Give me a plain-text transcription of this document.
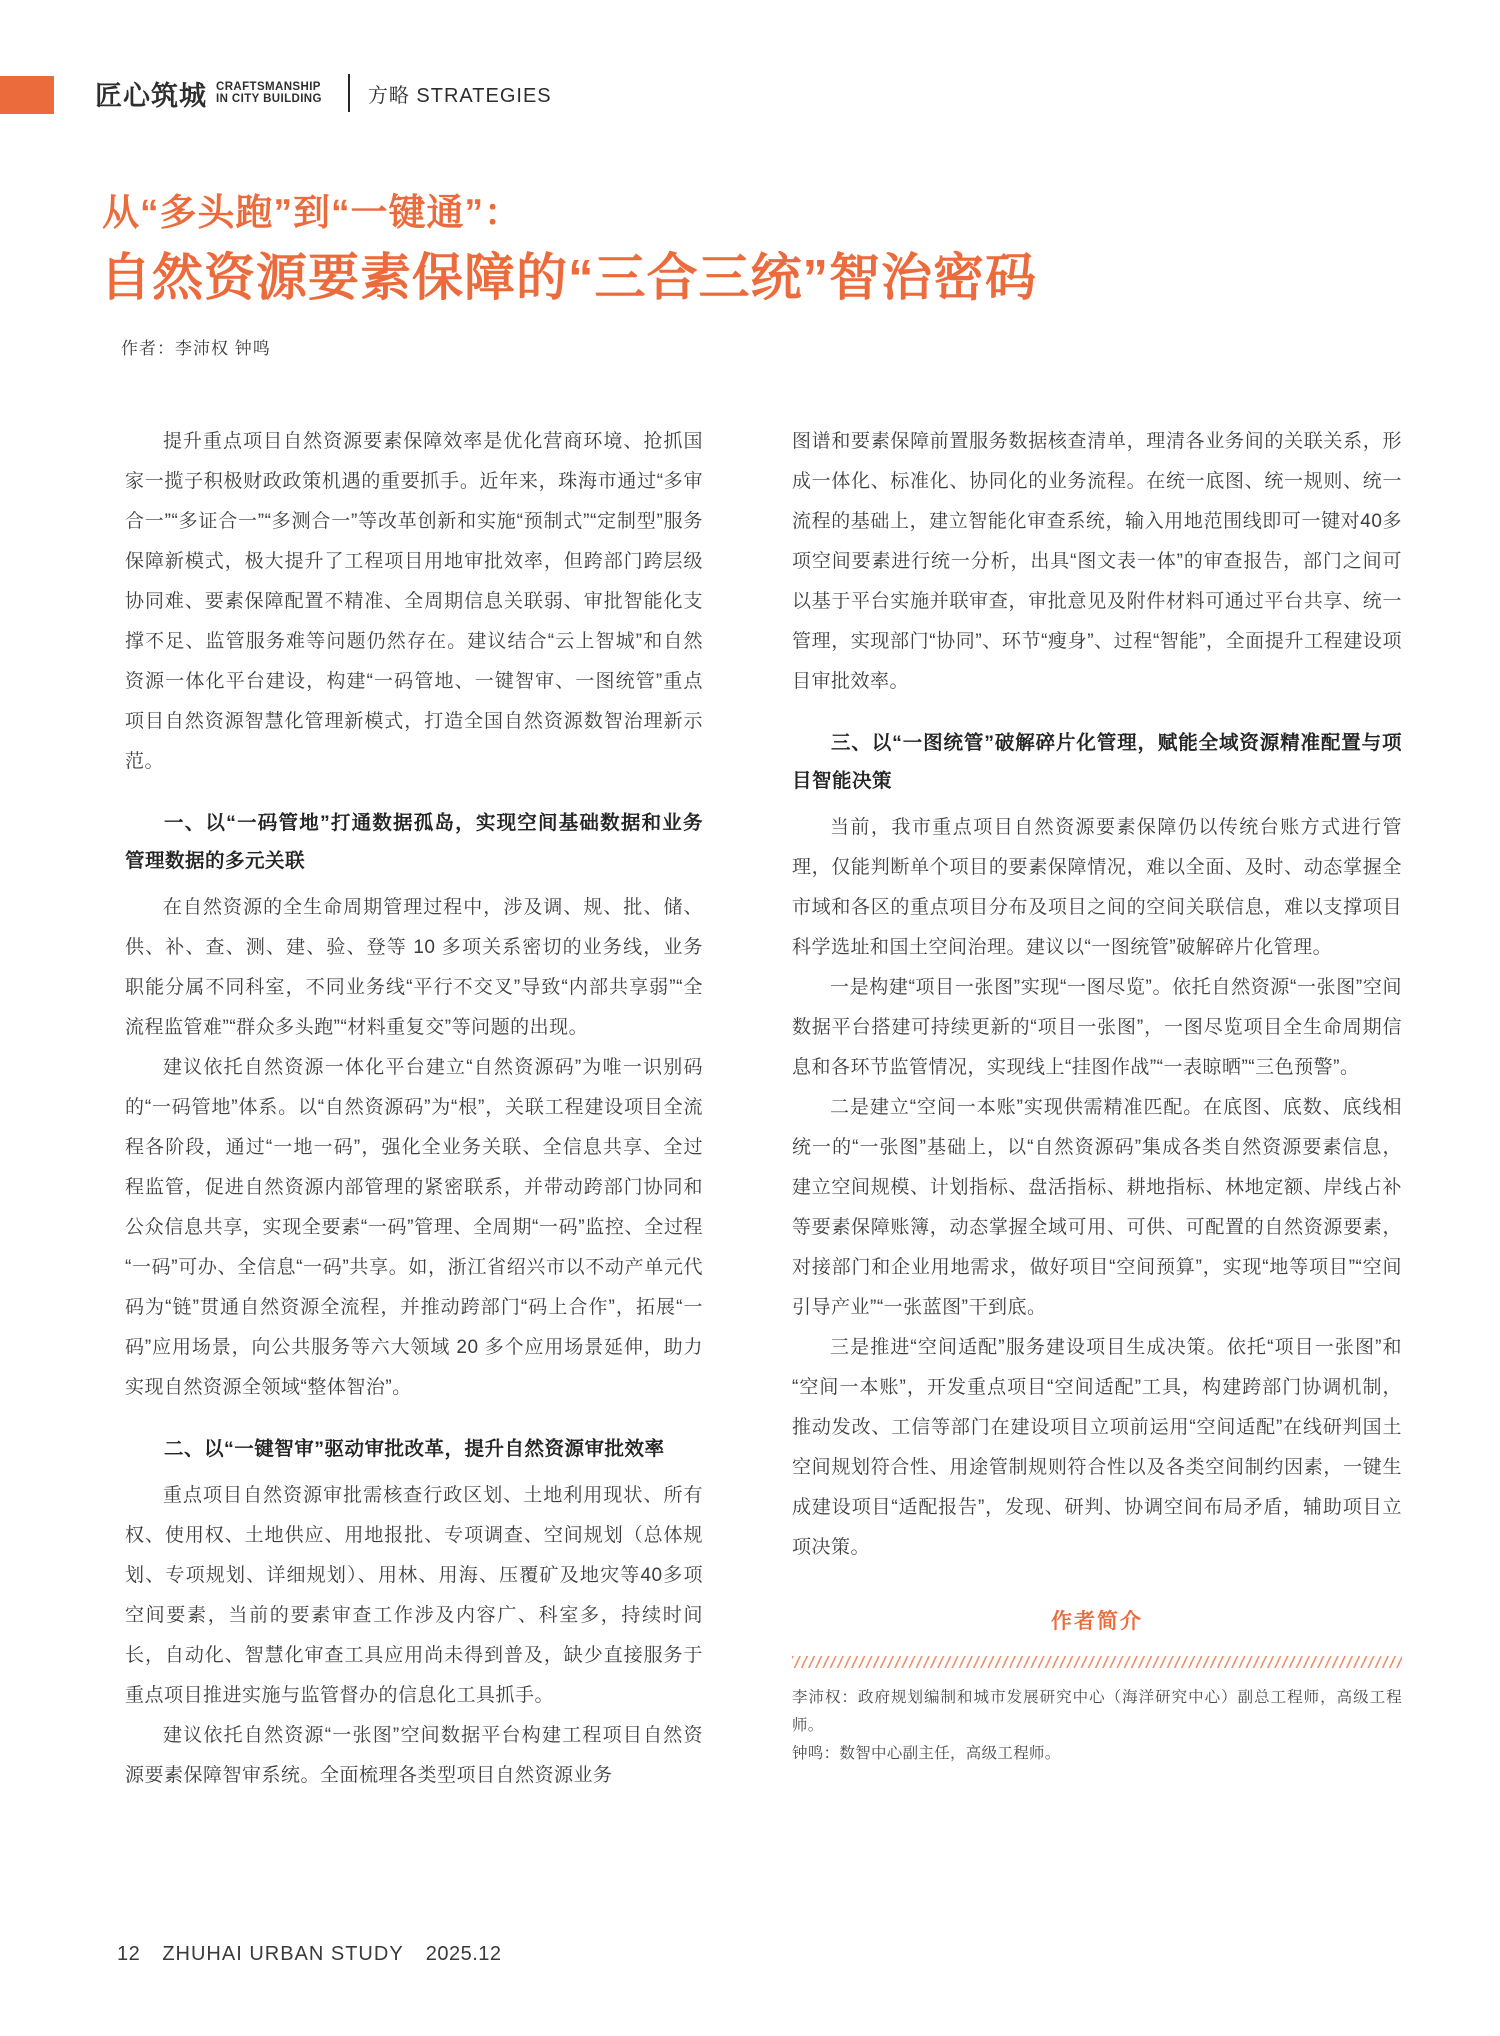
匠心筑城 CRAFTSMANSHIP
IN CITY BUILDING 方略 STRATEGIES
从“多头跑”到“一键通”：
自然资源要素保障的“三合三统”智治密码
作者：李沛权 钟鸣

提升重点项目自然资源要素保障效率是优化营商环境、抢抓国家一揽子积极财政政策机遇的重要抓手。近年来，珠海市通过“多审合一”“多证合一”“多测合一”等改革创新和实施“预制式”“定制型”服务保障新模式，极大提升了工程项目用地审批效率，但跨部门跨层级协同难、要素保障配置不精准、全周期信息关联弱、审批智能化支撑不足、监管服务难等问题仍然存在。建议结合“云上智城”和自然资源一体化平台建设，构建“一码管地、一键智审、一图统管”重点项目自然资源智慧化管理新模式，打造全国自然资源数智治理新示范。

一、以“一码管地”打通数据孤岛，实现空间基础数据和业务管理数据的多元关联

在自然资源的全生命周期管理过程中，涉及调、规、批、储、供、补、查、测、建、验、登等 10 多项关系密切的业务线，业务职能分属不同科室，不同业务线“平行不交叉”导致“内部共享弱”“全流程监管难”“群众多头跑”“材料重复交”等问题的出现。

建议依托自然资源一体化平台建立“自然资源码”为唯一识别码的“一码管地”体系。以“自然资源码”为“根”，关联工程建设项目全流程各阶段，通过“一地一码”，强化全业务关联、全信息共享、全过程监管，促进自然资源内部管理的紧密联系，并带动跨部门协同和公众信息共享，实现全要素“一码”管理、全周期“一码”监控、全过程“一码”可办、全信息“一码”共享。如，浙江省绍兴市以不动产单元代码为“链”贯通自然资源全流程，并推动跨部门“码上合作”，拓展“一码”应用场景，向公共服务等六大领域 20 多个应用场景延伸，助力实现自然资源全领域“整体智治”。

二、以“一键智审”驱动审批改革，提升自然资源审批效率

重点项目自然资源审批需核查行政区划、土地利用现状、所有权、使用权、土地供应、用地报批、专项调查、空间规划（总体规划、专项规划、详细规划）、用林、用海、压覆矿及地灾等40多项空间要素，当前的要素审查工作涉及内容广、科室多，持续时间长，自动化、智慧化审查工具应用尚未得到普及，缺少直接服务于重点项目推进实施与监管督办的信息化工具抓手。

建议依托自然资源“一张图”空间数据平台构建工程项目自然资源要素保障智审系统。全面梳理各类型项目自然资源业务

图谱和要素保障前置服务数据核查清单，理清各业务间的关联关系，形成一体化、标准化、协同化的业务流程。在统一底图、统一规则、统一流程的基础上，建立智能化审查系统，输入用地范围线即可一键对40多项空间要素进行统一分析，出具“图文表一体”的审查报告，部门之间可以基于平台实施并联审查，审批意见及附件材料可通过平台共享、统一管理，实现部门“协同”、环节“瘦身”、过程“智能”，全面提升工程建设项目审批效率。

三、以“一图统管”破解碎片化管理，赋能全域资源精准配置与项目智能决策

当前，我市重点项目自然资源要素保障仍以传统台账方式进行管理，仅能判断单个项目的要素保障情况，难以全面、及时、动态掌握全市域和各区的重点项目分布及项目之间的空间关联信息，难以支撑项目科学选址和国土空间治理。建议以“一图统管”破解碎片化管理。

一是构建“项目一张图”实现“一图尽览”。依托自然资源“一张图”空间数据平台搭建可持续更新的“项目一张图”，一图尽览项目全生命周期信息和各环节监管情况，实现线上“挂图作战”“一表晾晒”“三色预警”。

二是建立“空间一本账”实现供需精准匹配。在底图、底数、底线相统一的“一张图”基础上，以“自然资源码”集成各类自然资源要素信息，建立空间规模、计划指标、盘活指标、耕地指标、林地定额、岸线占补等要素保障账簿，动态掌握全域可用、可供、可配置的自然资源要素，对接部门和企业用地需求，做好项目“空间预算”，实现“地等项目”“空间引导产业”“一张蓝图”干到底。

三是推进“空间适配”服务建设项目生成决策。依托“项目一张图”和“空间一本账”，开发重点项目“空间适配”工具，构建跨部门协调机制，推动发改、工信等部门在建设项目立项前运用“空间适配”在线研判国土空间规划符合性、用途管制规则符合性以及各类空间制约因素，一键生成建设项目“适配报告”，发现、研判、协调空间布局矛盾，辅助项目立项决策。

作者简介

李沛权：政府规划编制和城市发展研究中心（海洋研究中心）副总工程师，高级工程师。

钟鸣：数智中心副主任，高级工程师。

12 ZHUHAI URBAN STUDY 2025.12
